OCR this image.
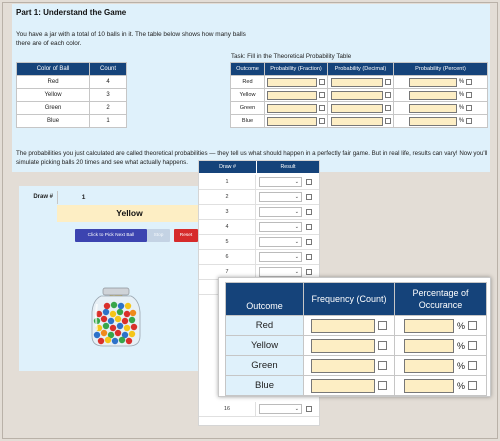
Part 1: Understand the Game

You have a jar with a total of 10 balls in it. The table below shows how many balls there are of each color.

Color of Ball	Count
Red	4
Yellow	3
Green	2
Blue	1
Task: Fill in the Theoretical Probability Table
Outcome	Probability (Fraction)	Probability (Decimal)	Probability (Percent)
Red			%

Yellow			%

Green			%

Blue			%

The probabilities you just calculated are called theoretical probabilities — they tell us what should happen in a perfectly fair game. But in real life, results can vary! Now you'll simulate picking balls 20 times and see what actually happens.

Draw #	1
Yellow
Click to Pick Next Ball	Stop	Reset
Draw #	Result
1	⌄
2	⌄
3	⌄
4	⌄
5	⌄
6	⌄
7	⌄
16	⌄
Outcome	Frequency (Count)	Percentage of Occurance
Red		%
Yellow		%
Green		%
Blue		%
